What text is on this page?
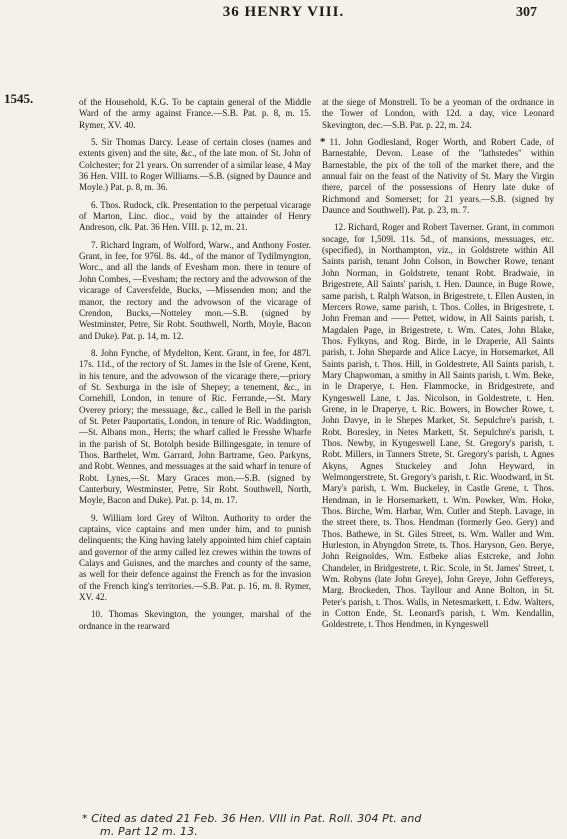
36 HENRY VIII.	307
1545.	of the Household, K.G. To be captain general of the Middle Ward of the army against France.—S.B. Pat. p. 8, m. 15. Rymer, XV. 40.

5. Sir Thomas Darcy. Lease of certain closes (names and extents given) and the site, &c., of the late mon. of St. John of Colchester; for 21 years. On surrender of a similar lease, 4 May 36 Hen. VIII. to Roger Williams.—S.B. (signed by Daunce and Moyle.) Pat. p. 8, m. 36.

6. Thos. Rudock, clk. Presentation to the perpetual vicarage of Marton, Linc. dioc., void by the attainder of Henry Andreson, clk. Pat. 36 Hen. VIII. p. 12, m. 21.

7. Richard Ingram, of Wolford, Warw., and Anthony Foster. Grant, in fee, for 976l. 8s. 4d., of the manor of Tydilmyngton, Worc., and all the lands of Evesham mon. there in tenure of John Combes, —Evesham; the rectory and the advowson of the vicarage of Caversfelde, Bucks, —Missenden mon; and the manor, the rectory and the advowson of the vicarage of Crendon, Bucks,—Notteley mon.—S.B. (signed by Westminster, Petre, Sir Robt. Southwell, North, Moyle, Bacon and Duke). Pat. p. 14, m. 12.

8. John Fynche, of Mydelton, Kent. Grant, in fee, for 487l. 17s. 11d., of the rectory of St. James in the Isle of Grene, Kent, in his tenure, and the advowson of the vicarage there,—priory of St. Sexburga in the isle of Shepey; a tenement, &c., in Cornehill, London, in tenure of Ric. Ferrande,—St. Mary Overey priory; the messuage, &c., called le Bell in the parish of St. Peter Pauportatis, London, in tenure of Ric. Waddington,—St. Albans mon., Herts; the wharf called le Fresshe Wharfe in the parish of St. Botolph beside Billingesgate, in tenure of Thos. Barthelet, Wm. Garrard, John Bartrame, Geo. Parkyns, and Robt. Wennes, and messuages at the said wharf in tenure of Robt. Lynes,—St. Mary Graces mon.—S.B. (signed by Canterbury, Westminster, Petre, Sir Robt. Southwell, North, Moyle, Bacon and Duke). Pat. p. 14, m. 17.

9. William lord Grey of Wilton. Authority to order the captains, vice captains and men under him, and to punish delinquents; the King having lately appointed him chief captain and governor of the army called lez crewes within the towns of Calays and Guisnes, and the marches and county of the same, as well for their defence against the French as for the invasion of the French king's territories.—S.B. Pat. p. 16, m. 8. Rymer, XV. 42.

10. Thomas Skevington, the younger, marshal of the ordnance in the rearward

at the siege of Monstrell. To be a yeoman of the ordnance in the Tower of London, with 12d. a day, vice Leonard Skevington, dec.—S.B. Pat. p. 22, m. 24.

* 11. John Godlesland, Roger Worth, and Robert Cade, of Barnestable, Devon. Lease of the "lathstedes" within Barnestable, the pix of the toll of the market there, and the annual fair on the feast of the Nativity of St. Mary the Virgin there, parcel of the possessions of Henry late duke of Richmond and Somerset; for 21 years.—S.B. (signed by Daunce and Southwell). Pat. p. 23, m. 7.

12. Richard, Roger and Robert Taverner. Grant, in common socage, for 1,509l. 11s. 5d., of mansions, messuages, etc. (specified), in Northampton, viz., in Goldstrete within All Saints parish, tenant John Colson, in Bowcher Rowe, tenant John Norman, in Goldstrete, tenant Robt. Bradwaie, in Brigestrete, All Saints' parish, t. Hen. Daunce, in Buge Rowe, same parish, t. Ralph Watson, in Brigestrete, t. Ellen Austen, in Mercers Rowe, same parish, t. Thos. Colles, in Brigestrete, t. John Freman and —— Pettet, widow, in All Saints parish, t. Magdalen Page, in Brigestrete, t. Wm. Cates, John Blake, Thos. Fylkyns, and Rog. Birde, in le Draperie, All Saints parish, t. John Sheparde and Alice Lacye, in Horsemarket, All Saints parish, t. Thos. Hill, in Goldestrete, All Saints parish, t. Mary Chapwoman, a smithy in All Saints parish, t. Wm. Beke, in le Draperye, t. Hen. Flammocke, in Bridgestrete, and Kyngeswell Lane, t. Jas. Nicolson, in Goldestrete, t. Hen. Grene, in le Draperye, t. Ric. Bowers, in Bowcher Rowe, t. John Davye, in le Shepes Market, St. Sepulchre's parish, t. Robt. Boresley, in Netes Markett, St. Sepulchre's parish, t. Thos. Newby, in Kyngeswell Lane, St. Gregory's parish, t. Robt. Millers, in Tanners Strete, St. Gregory's parish, t. Agnes Akyns, Agnes Stuckeley and John Heyward, in Welmongerstrete, St. Gregory's parish, t. Ric. Woodward, in St. Mary's parish, t. Wm. Buckeley, in Castle Grene, t. Thos. Hendman, in le Horsemarkett, t. Wm. Powker, Wm. Hoke, Thos. Birche, Wm. Harbar, Wm. Cutler and Steph. Lavage, in the street there, ts. Thos. Hendman (formerly Geo. Gery) and Thos. Bathewe, in St. Giles Street, ts. Wm. Waller and Wm. Hurleston, in Abyngdon Strete, ts. Thos. Haryson, Geo. Berye, John Reignoldes, Wm. Estbeke alias Estcreke, and John Chandeler, in Bridgestrete, t. Ric. Scole, in St. James' Street, t. Wm. Robyns (late John Greye), John Greye, John Geffereys, Marg. Brockeden, Thos. Tayllour and Anne Bolton, in St. Peter's parish, t. Thos. Walls, in Netesmarkett, t. Edw. Walters, in Cotton Ende, St. Leonard's parish, t. Wm. Kendallin, Goldestrete, t. Thos Hendmen, in Kyngeswell

* Cited as dated 21 Feb. 36 Hen. VIII in Pat. Roll. 304 Pt. and
m. Part 12 m. 13.
